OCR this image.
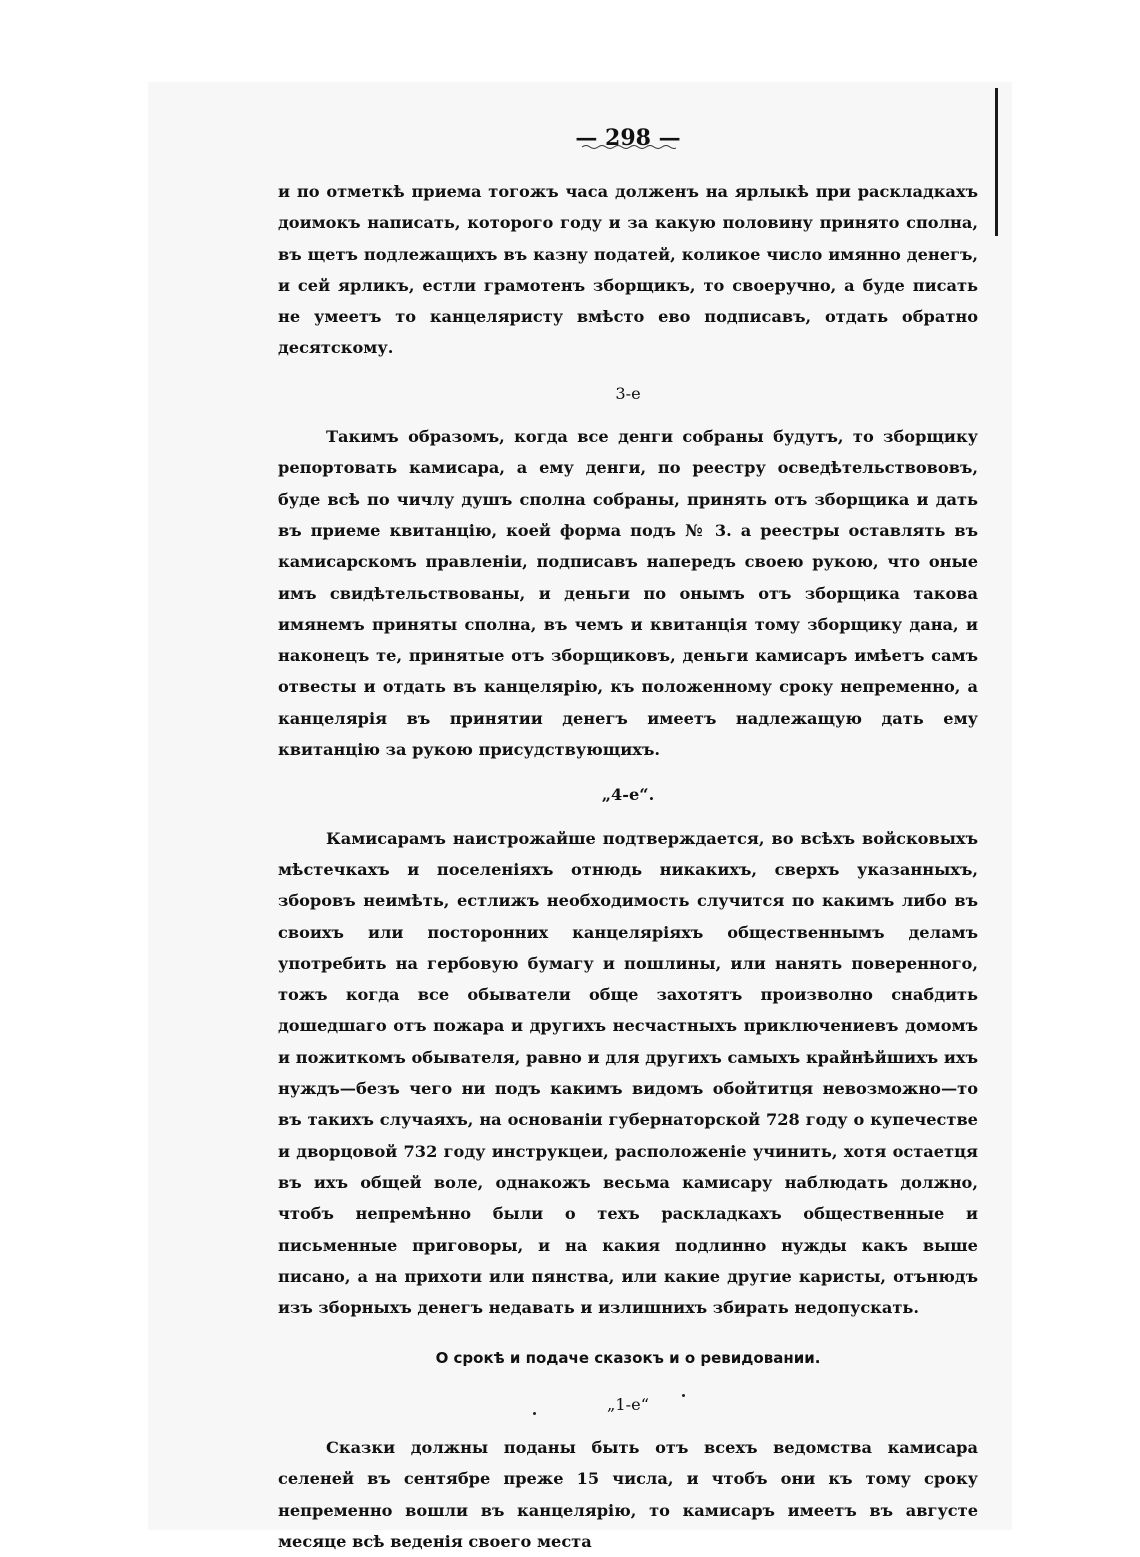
— 298 —

и по отметкѣ приема тогожъ часа долженъ на ярлыкѣ при раскладкахъ доимокъ написать, которого году и за какую половину принято сполна, въ щетъ подлежащихъ въ казну податей, коликое число имянно денегъ, и сей ярликъ, естли грамотенъ зборщикъ, то своеручно, а буде писать не умеетъ то канцеляристу вмѣсто ево подписавъ, отдать обратно десятскому.

3-е

Такимъ образомъ, когда все денги собраны будутъ, то зборщику репортовать камисара, а ему денги, по реестру осведѣтельствововъ, буде всѣ по чичлу душъ сполна собраны, принять отъ зборщика и дать въ приеме квитанцію, коей форма подъ № 3. а реестры оставлять въ камисарскомъ правленіи, подписавъ напередъ своею рукою, что оные имъ свидѣтельствованы, и деньги по онымъ отъ зборщика такова имянемъ приняты сполна, въ чемъ и квитанція тому зборщику дана, и наконецъ те, принятые отъ зборщиковъ, деньги камисаръ имѣетъ самъ отвесты и отдать въ канцелярію, къ положенному сроку непременно, а канцелярія въ принятии денегъ имеетъ надлежащую дать ему квитанцію за рукою присудствующихъ.

„4-е“.

Камисарамъ наистрожайше подтверждается, во всѣхъ войсковыхъ мѣстечкахъ и поселеніяхъ отнюдь никакихъ, сверхъ указанныхъ, зборовъ неимѣть, естлижъ необходимость случится по какимъ либо въ своихъ или посторонних канцеляріяхъ общественнымъ деламъ употребить на гербовую бумагу и пошлины, или нанять поверенного, тожъ когда все обыватели обще захотятъ произволно снабдить дошедшаго отъ пожара и другихъ несчастныхъ приключениевъ домомъ и пожиткомъ обывателя, равно и для другихъ самыхъ крайнѣйшихъ ихъ нуждъ—безъ чего ни подъ какимъ видомъ обойтитця невозможно—то въ такихъ случаяхъ, на основаніи губернаторской 728 году о купечестве и дворцовой 732 году инструкцеи, расположеніе учинить, хотя остаетця въ ихъ общей воле, однакожъ весьма камисару наблюдать должно, чтобъ непремѣнно были о техъ раскладкахъ общественные и письменные приговоры, и на какия подлинно нужды какъ выше писано, а на прихоти или пянства, или какие другие каристы, отънюдъ изъ зборныхъ денегъ недавать и излишнихъ збирать недопускать.

О срокѣ и подаче сказокъ и о ревидовании.
„1-е“

Сказки должны поданы быть отъ всехъ ведомства камисара селеней въ сентябре преже 15 числа, и чтобъ они къ тому сроку непременно вошли въ канцелярію, то камисаръ имеетъ въ августе месяце всѣ веденія своего места
